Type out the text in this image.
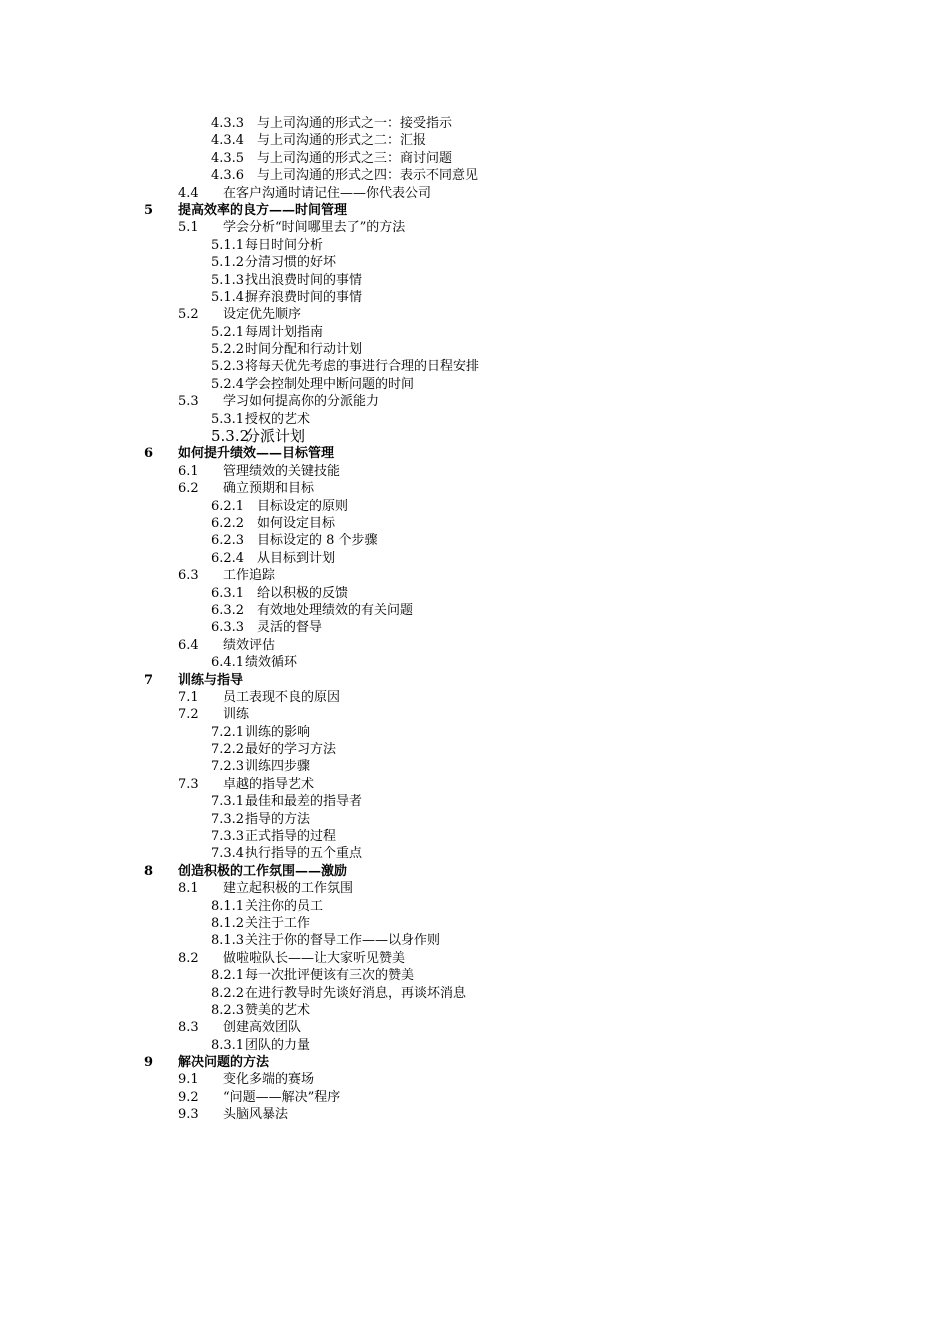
4.3.3 与上司沟通的形式之一：接受指示
4.3.4 与上司沟通的形式之二：汇报
4.3.5 与上司沟通的形式之三：商讨问题
4.3.6 与上司沟通的形式之四：表示不同意见
4.4 在客户沟通时请记住——你代表公司
5 提高效率的良方——时间管理
5.1 学会分析“时间哪里去了”的方法
5.1.1 每日时间分析
5.1.2 分清习惯的好坏
5.1.3 找出浪费时间的事情
5.1.4 摒弃浪费时间的事情
5.2 设定优先顺序
5.2.1 每周计划指南
5.2.2 时间分配和行动计划
5.2.3 将每天优先考虑的事进行合理的日程安排
5.2.4 学会控制处理中断问题的时间
5.3 学习如何提高你的分派能力
5.3.1 授权的艺术
5.3.2
分派计划
6 如何提升绩效——目标管理
6.1 管理绩效的关键技能
6.2 确立预期和目标
6.2.1 目标设定的原则
6.2.2 如何设定目标
6.2.3 目标设定的 8 个步骤
6.2.4 从目标到计划
6.3 工作追踪
6.3.1 给以积极的反馈
6.3.2 有效地处理绩效的有关问题
6.3.3 灵活的督导
6.4 绩效评估
6.4.1 绩效循环
7 训练与指导
7.1 员工表现不良的原因
7.2 训练
7.2.1 训练的影响
7.2.2 最好的学习方法
7.2.3 训练四步骤
7.3 卓越的指导艺术
7.3.1 最佳和最差的指导者
7.3.2 指导的方法
7.3.3 正式指导的过程
7.3.4 执行指导的五个重点
8 创造积极的工作氛围——激励
8.1 建立起积极的工作氛围
8.1.1 关注你的员工
8.1.2 关注于工作
8.1.3 关注于你的督导工作——以身作则
8.2 做啦啦队长——让大家听见赞美
8.2.1 每一次批评便该有三次的赞美
8.2.2 在进行教导时先谈好消息，再谈坏消息
8.2.3 赞美的艺术
8.3 创建高效团队
8.3.1 团队的力量
9 解决问题的方法
9.1 变化多端的赛场
9.2 “问题——解决”程序
9.3 头脑风暴法
